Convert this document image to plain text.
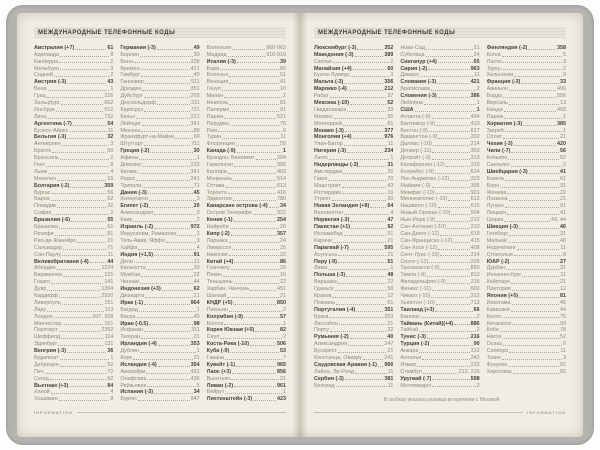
МЕЖДУНАРОДНЫЕ ТЕЛЕФОННЫЕ КОДЫ
Австралия (+7)	61
Аделаида	8
Канберра	2
Мельбурн	3
Сидней	2
Австрия (-3)	43
Вена	1
Грац	316
Зальцбург	662
Инсбрук	512
Линц	732
Аргентина (-7)	54
Буэнос-Айрес	11
Бельгия (-3)	32
Антверпен	3
Брюгге	50
Брюссель	2
Гент	9
Льеж	4
Мехелен	15
Болгария (-2)	359
Бургас	56
Варна	52
Пловдив	32
София	2
Бразилия (-6)	55
Бразилиа	61
Ресифи	81
Рио-де-Жанейро	21
Сальвадор	71
Сан-Паулу	11
Великобритания (-4)	44
Абердин	1224
Бирмингем	121
Глазго	141
Дувр	1304
Кардифф	2920
Ливерпуль	151
Лидс	113
Лондон	207, 208
Манчестер	161
Портсмут	2392
Шеффилд	114
Эдинбург	131
Венгрия (-3)	36
Будапешт	1
Дебрецен	52
Печ	72
Сегед	62
Вьетнам (+3)	84
Ханой	4
Хошимин	8
Германия (-3)	49
Берлин	30
Бонн	228
Бремен	421
Гамбург	40
Ганновер	511
Дрезден	351
Дуйсбург	203
Дюссельдорф	211
Карлсруэ	721
Кельн	221
Лейпциг	341
Мюнхен	89
Франкфурт-на-Майне	69
Штутгарт	711
Греция (-2)	30
Афины	1
Домокос	232
Килкис	341
Родос	241
Триполи	71
Дания (-3)	45
Копенгаген	3
Египет (-2)	20
Александрия	3
Каир	2
Израиль (-2)	972
Иерусалим, Рамаллах	2
Тель-Авив, Яффо	3
Хайфа	4
Индия (+1,5)	91
Дели	11
Калькутта	33
Мумбаи	22
Ченнаи	44
Индонезия (+3)	62
Джакарта	21
Ирак (-1)	964
Багдад	1
Басра	40
Иран (-0,5)	98
Исфахан	311
Тегеран	21
Ирландия (-4)	353
Дублин	1
Корк	21
Исландия (-4)	354
Акюрейри	461
Олафсвик	436
Рейкьявик	5
Испания (-3)	34
Бургос	947
Валенсия	960-963
Мадрид	910-919
Италия (-3)	39
Бари	80
Болонья	51
Венеция	41
Генуя	10
Милан	2
Неаполь	81
Палермо	91
Парма	521
Перуджа	75
Рим	6
Турин	11
Флоренция	55
Канада (-9)	1
Брэндон, Виннипег	204
Гамильтон	905
Калгари	403
Монреаль	514
Оттава	613
Торонто	416
Эдмонтон	780
Канарские острова (-4) 34
Остров Тенерифе	922
Кения (-1)	254
Найроби	20
Кипр (-2)	357
Ларнака	24
Лимассол	25
Никосия	22
Китай (+4)	86
Гуанчжоу	20
Пекин	10
Тяньцзинь	22
Харбин, Чанчунь	451
Шанхай	21
КНДР (+5)	850
Пхеньян	2
Колумбия (-9)	57
Богота	1
Корея Южная (+5)	82
Сеул	2
Коста-Рика (-10)	506
Куба (-9)	53
Гавана	7
Кувейт (-1)	965
Лаос (+3)	856
Вьентьян	21
Ливан (-2)	961
Бейрут	1
Лихтенштейн (-3)	423
INFORMATION
МЕЖДУНАРОДНЫЕ ТЕЛЕФОННЫЕ КОДЫ
Люксембург (-3)	352
Македония (-3)	389
Скопье	2
Малайзия (+4)	60
Куала-Лумпур	3
Мальта (-3)	356
Марокко (-4)	212
Рабат	37
Мексика (-10)	52
Гвадалахара	33
Мехико	55
Монтеррей	81
Монако (-3)	377
Монголия (+4)	976
Улан-Батор	11
Нигерия (-3)	234
Лагос	1
Нидерланды (-3)	31
Амстердам	20
Гаага	70
Маастрихт	43
Роттердам	10
Утрехт	30
Новая Зеландия (+8)	64
Веллингтон	4
Норвегия (-3)	47
Пакистан (+1)	92
Исламабад	51
Карачи	21
Парагвай (-7)	595
Асунсьон	21
Перу (-9)	51
Лима	1
Польша (-3)	48
Варшава	22
Гданьск	58
Краков	12
Познань	61
Португалия (-4)	351
Брага	253
Лиссабон	21
Порту	22
Румыния (-2)	40
Александрия	247
Бухарест	21
Констанца, Овидиу	241
Саудовская Аравия (-1) 966
Лайла, Эр-Рияд	11
Сербия (-3)	381
Белград	11
Нови-Сад	21
Суботица	24
Сингапур (+4)	65
Сирия (-2)	963
Дамаск	11
Словакия (-3)	421
Братислава	2
Словения (-3)	386
Любляна	1
США	1
Атланта (-9)	404
Балтимор (-9)	410
Бостон (-9)	617
Вашингтон (-9)	202
Даллас (-10)	214
Денвер (-11)	303
Детройт (-9)	313
Калифорния (-12)	310
Колумбус (-9)	614
Лос-Анджелес (-12)	323
Майами (-9)	305
Мемфис (-10)	901
Миннеаполис (-10)	612
Нашвилл (-10)	615
Новый Орлеан (-10)	504
Нью-Йорк (-9)	212
Сан-Антонио (-10)	210
Сан-Диего (-12)	619
Сан-Франциско (-12)	415
Сан-Хосе (-12)	408
Сент-Луис (-10)	314
Сиэтл (-12)	206
Таллахасси (-9)	850
Тампа (-9)	813
Филадельфия (-9)	215
Финикс (-11)	602
Чикаго (-10)	312
Хьюстон (-10)	713
Таиланд (+3)	66
Бангкок	2
Тайвань (Китай)(+4)	886
Тайбэй	2
Тунис (-3)	216
Турция (-2)	90
Анкара	312
Анталья	242
Измир	232
Стамбул	212, 216
Уругвай (-7)	598
Монтевидео	2
Финляндия (-2)	358
Котка	5
Лахти	3
Турку	2
Хельсинки	9
Франция (-3)	33
Авиньон	490
Бордо	556
Версаль	13
Ницца	493
Париж	1
Хорватия (-3)	385
Загреб	1
Сплит	21
Чехия (-3)	420
Чили (-7)	56
Копьяпо	52
Сантьяго	2
Швейцария (-3)	41
Базель	61
Берн	31
Женева	22
Лозанна	21
Лугано	91
Люцерн	41
Цюрих	43, 44
Швеция (-3)	46
Гетеборг	31
Мальмё	40
Норрчёпинг	11
Стокгольм	8
ЮАР (-2)	27
Дурбан	31
Йоханнесбург	11
Кейптаун	21
Претория	12
Япония (+5)	81
Йокогама	45
Кавасаки	44
Киото	75
Китакюсю	93
Кобе	78
Нагоя	52
Осака	6
Саппоро	11
Токио	3
Фукуока	92
Хиросима	82
В скобках указана разница во времени с Москвой
INFORMATION
